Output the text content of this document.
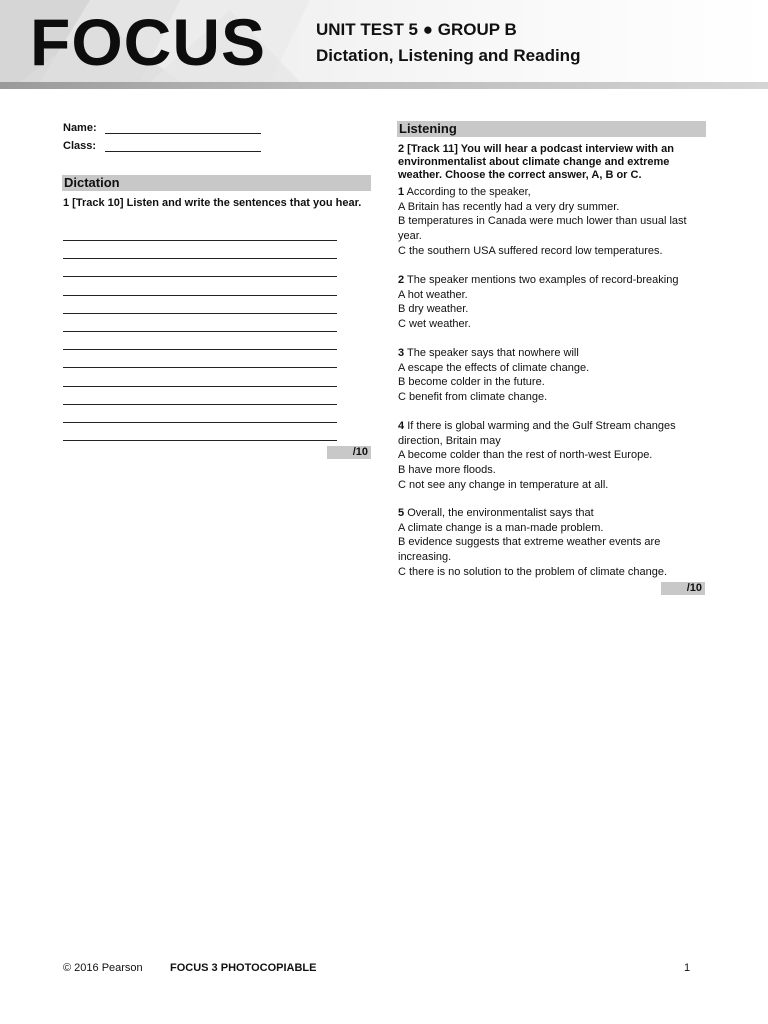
FOCUS	UNIT TEST 5 ● GROUP B
Dictation, Listening and Reading
Name:
Class:
Dictation
1 [Track 10] Listen and write the sentences that you hear.
/10
Listening
2 [Track 11] You will hear a podcast interview with an environmentalist about climate change and extreme weather. Choose the correct answer, A, B or C.
1 According to the speaker,
A Britain has recently had a very dry summer.
B temperatures in Canada were much lower than usual last year.
C the southern USA suffered record low temperatures.
2 The speaker mentions two examples of record-breaking
A hot weather.
B dry weather.
C wet weather.
3 The speaker says that nowhere will
A escape the effects of climate change.
B become colder in the future.
C benefit from climate change.
4 If there is global warming and the Gulf Stream changes direction, Britain may
A become colder than the rest of north-west Europe.
B have more floods.
C not see any change in temperature at all.
5 Overall, the environmentalist says that
A climate change is a man-made problem.
B evidence suggests that extreme weather events are increasing.
C there is no solution to the problem of climate change.
/10
© 2016 Pearson FOCUS 3 PHOTOCOPIABLE	1
